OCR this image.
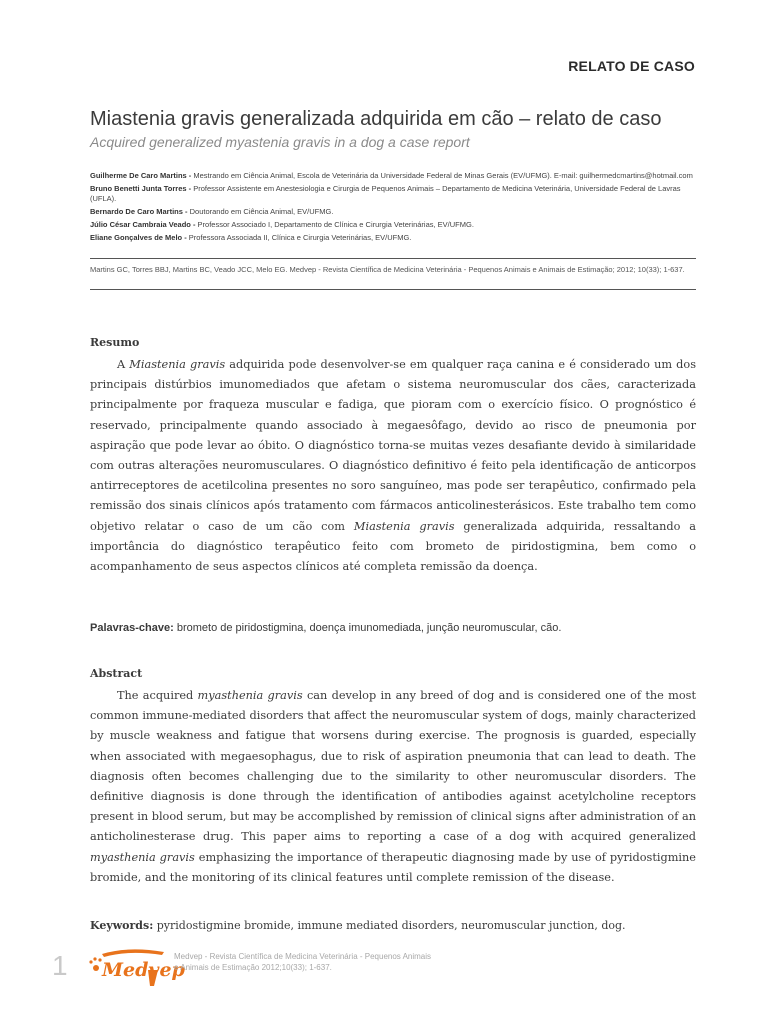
RELATO DE CASO
Miastenia gravis generalizada adquirida em cão – relato de caso
Acquired generalized myastenia gravis in a dog a case report
Guilherme De Caro Martins - Mestrando em Ciência Animal, Escola de Veterinária da Universidade Federal de Minas Gerais (EV/UFMG). E-mail: guilhermedcmartins@hotmail.com
Bruno Benetti Junta Torres - Professor Assistente em Anestesiologia e Cirurgia de Pequenos Animais – Departamento de Medicina Veterinária, Universidade Federal de Lavras (UFLA).
Bernardo De Caro Martins - Doutorando em Ciência Animal, EV/UFMG.
Júlio César Cambraia Veado - Professor Associado I, Departamento de Clínica e Cirurgia Veterinárias, EV/UFMG.
Eliane Gonçalves de Melo - Professora Associada II, Clínica e Cirurgia Veterinárias, EV/UFMG.
Martins GC, Torres BBJ, Martins BC, Veado JCC, Melo EG. Medvep - Revista Científica de Medicina Veterinária - Pequenos Animais e Animais de Estimação; 2012; 10(33); 1-637.
Resumo
A Miastenia gravis adquirida pode desenvolver-se em qualquer raça canina e é considerado um dos principais distúrbios imunomediados que afetam o sistema neuromuscular dos cães, caracterizada principalmente por fraqueza muscular e fadiga, que pioram com o exercício físico. O prognóstico é reservado, principalmente quando associado à megaesôfago, devido ao risco de pneumonia por aspiração que pode levar ao óbito. O diagnóstico torna-se muitas vezes desafiante devido à similaridade com outras alterações neuromusculares. O diagnóstico definitivo é feito pela identificação de anticorpos antirreceptores de acetilcolina presentes no soro sanguíneo, mas pode ser terapêutico, confirmado pela remissão dos sinais clínicos após tratamento com fármacos anticolinesterásicos. Este trabalho tem como objetivo relatar o caso de um cão com Miastenia gravis generalizada adquirida, ressaltando a importância do diagnóstico terapêutico feito com brometo de piridostigmina, bem como o acompanhamento de seus aspectos clínicos até completa remissão da doença.
Palavras-chave: brometo de piridostigmina, doença imunomediada, junção neuromuscular, cão.
Abstract
The acquired myasthenia gravis can develop in any breed of dog and is considered one of the most common immune-mediated disorders that affect the neuromuscular system of dogs, mainly characterized by muscle weakness and fatigue that worsens during exercise. The prognosis is guarded, especially when associated with megaesophagus, due to risk of aspiration pneumonia that can lead to death. The diagnosis often becomes challenging due to the similarity to other neuromuscular disorders. The definitive diagnosis is done through the identification of antibodies against acetylcholine receptors present in blood serum, but may be accomplished by remission of clinical signs after administration of an anticholinesterase drug. This paper aims to reporting a case of a dog with acquired generalized myasthenia gravis emphasizing the importance of therapeutic diagnosing made by use of pyridostigmine bromide, and the monitoring of its clinical features until complete remission of the disease.
Keywords: pyridostigmine bromide, immune mediated disorders, neuromuscular junction, dog.
1 Medvep
Medvep - Revista Científica de Medicina Veterinária - Pequenos Animais
e Animais de Estimação 2012;10(33); 1-637.
